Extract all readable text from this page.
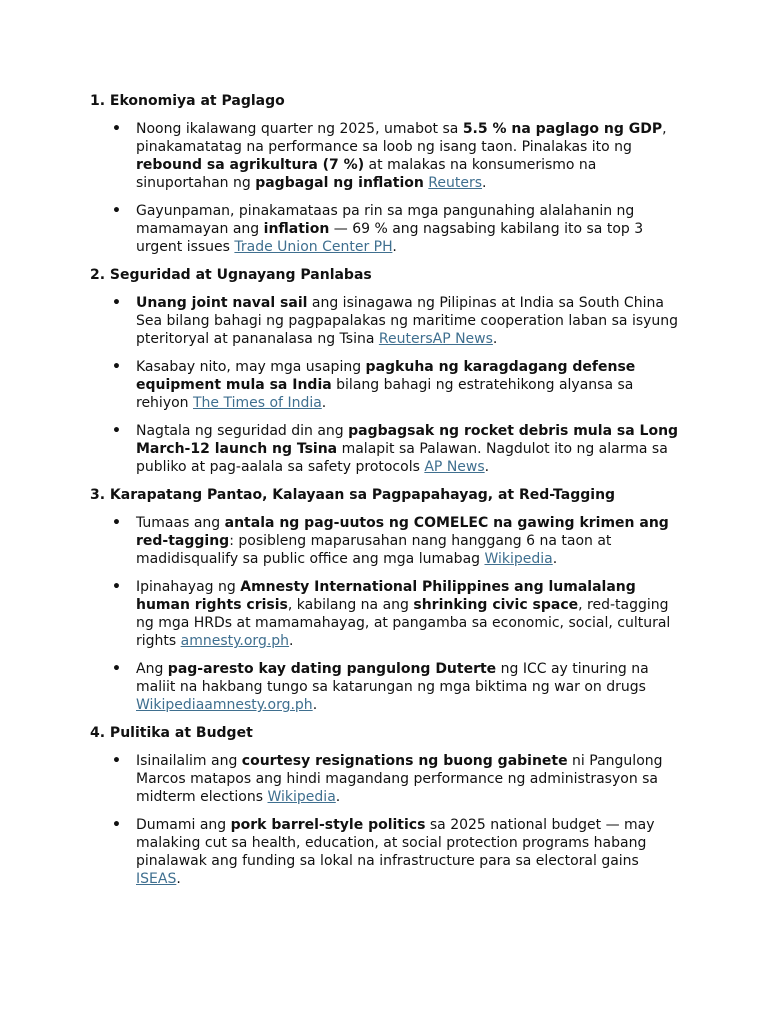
1. Ekonomiya at Paglago
• Noong ikalawang quarter ng 2025, umabot sa 5.5 % na paglago ng GDP, pinakamatatag na performance sa loob ng isang taon. Pinalakas ito ng rebound sa agrikultura (7 %) at malakas na konsumerismo na sinuportahan ng pagbagal ng inflation Reuters.
• Gayunpaman, pinakamataas pa rin sa mga pangunahing alalahanin ng mamamayan ang inflation — 69 % ang nagsabing kabilang ito sa top 3 urgent issues Trade Union Center PH.
2. Seguridad at Ugnayang Panlabas
• Unang joint naval sail ang isinagawa ng Pilipinas at India sa South China Sea bilang bahagi ng pagpapalakas ng maritime cooperation laban sa isyung pteritoryal at pananalasa ng Tsina ReutersAP News.
• Kasabay nito, may mga usaping pagkuha ng karagdagang defense equipment mula sa India bilang bahagi ng estratehikong alyansa sa rehiyon The Times of India.
• Nagtala ng seguridad din ang pagbagsak ng rocket debris mula sa Long March-12 launch ng Tsina malapit sa Palawan. Nagdulot ito ng alarma sa publiko at pag-aalala sa safety protocols AP News.
3. Karapatang Pantao, Kalayaan sa Pagpapahayag, at Red-Tagging
• Tumaas ang antala ng pag-uutos ng COMELEC na gawing krimen ang red-tagging: posibleng maparusahan nang hanggang 6 na taon at madidisqualify sa public office ang mga lumabag Wikipedia.
• Ipinahayag ng Amnesty International Philippines ang lumalalang human rights crisis, kabilang na ang shrinking civic space, red-tagging ng mga HRDs at mamamahayag, at pangamba sa economic, social, cultural rights amnesty.org.ph.
• Ang pag-aresto kay dating pangulong Duterte ng ICC ay tinuring na maliit na hakbang tungo sa katarungan ng mga biktima ng war on drugs Wikipediaamnesty.org.ph.
4. Pulitika at Budget
• Isinailalim ang courtesy resignations ng buong gabinete ni Pangulong Marcos matapos ang hindi magandang performance ng administrasyon sa midterm elections Wikipedia.
• Dumami ang pork barrel-style politics sa 2025 national budget — may malaking cut sa health, education, at social protection programs habang pinalawak ang funding sa lokal na infrastructure para sa electoral gains ISEAS.
